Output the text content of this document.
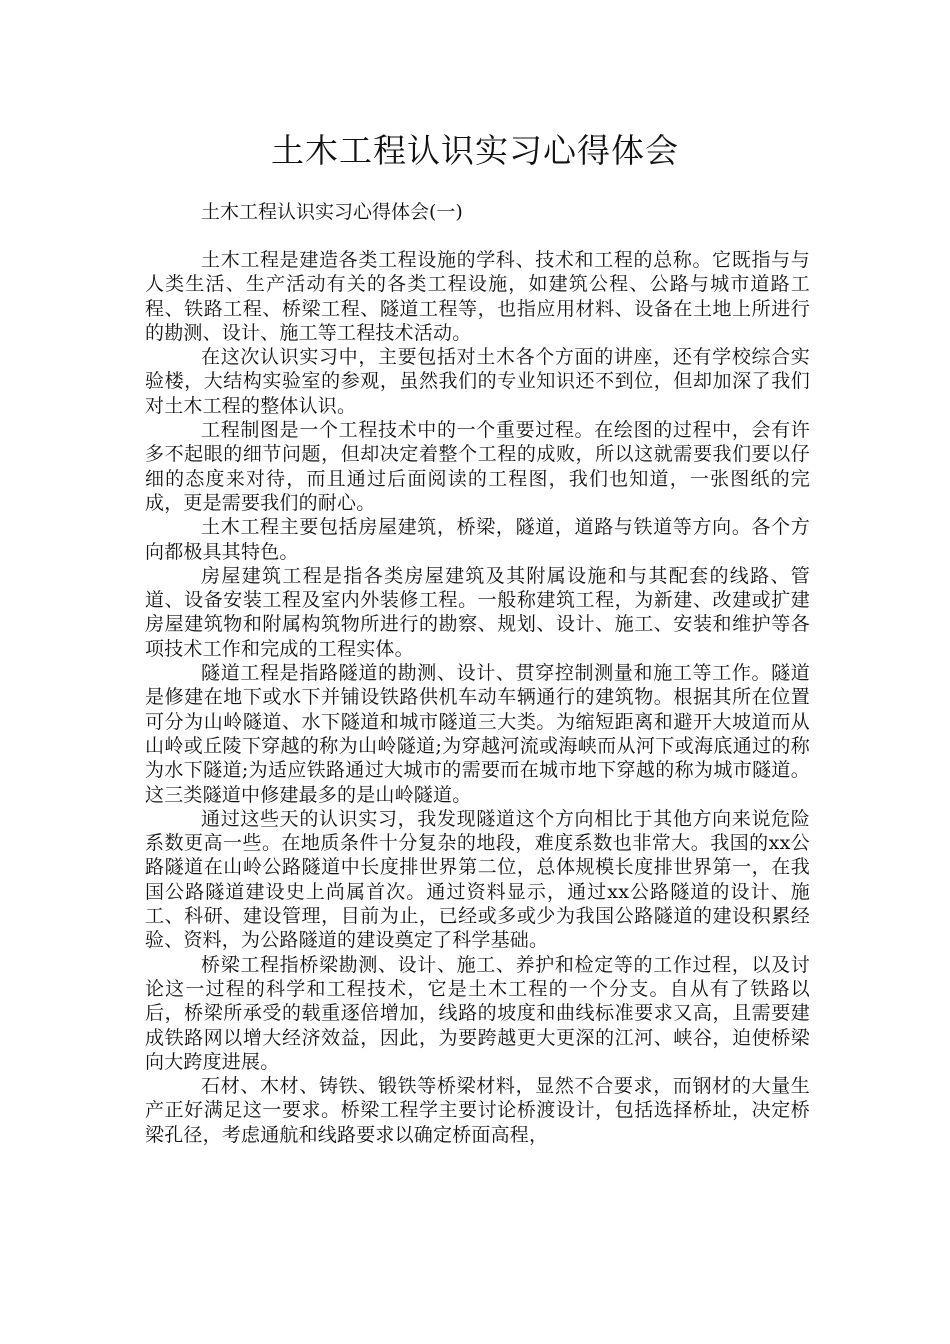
土木工程认识实习心得体会

土木工程认识实习心得体会(一)

土木工程是建造各类工程设施的学科、技术和工程的总称。它既指与与人类生活、生产活动有关的各类工程设施，如建筑公程、公路与城市道路工程、铁路工程、桥梁工程、隧道工程等，也指应用材料、设备在土地上所进行的勘测、设计、施工等工程技术活动。

在这次认识实习中，主要包括对土木各个方面的讲座，还有学校综合实验楼，大结构实验室的参观，虽然我们的专业知识还不到位，但却加深了我们对土木工程的整体认识。

工程制图是一个工程技术中的一个重要过程。在绘图的过程中，会有许多不起眼的细节问题，但却决定着整个工程的成败，所以这就需要我们要以仔细的态度来对待，而且通过后面阅读的工程图，我们也知道，一张图纸的完成，更是需要我们的耐心。

土木工程主要包括房屋建筑，桥梁，隧道，道路与铁道等方向。各个方向都极具其特色。

房屋建筑工程是指各类房屋建筑及其附属设施和与其配套的线路、管道、设备安装工程及室内外装修工程。一般称建筑工程，为新建、改建或扩建房屋建筑物和附属构筑物所进行的勘察、规划、设计、施工、安装和维护等各项技术工作和完成的工程实体。

隧道工程是指路隧道的勘测、设计、贯穿控制测量和施工等工作。隧道是修建在地下或水下并铺设铁路供机车动车辆通行的建筑物。根据其所在位置可分为山岭隧道、水下隧道和城市隧道三大类。为缩短距离和避开大坡道而从山岭或丘陵下穿越的称为山岭隧道;为穿越河流或海峡而从河下或海底通过的称为水下隧道;为适应铁路通过大城市的需要而在城市地下穿越的称为城市隧道。这三类隧道中修建最多的是山岭隧道。

通过这些天的认识实习，我发现隧道这个方向相比于其他方向来说危险系数更高一些。在地质条件十分复杂的地段，难度系数也非常大。我国的xx公路隧道在山岭公路隧道中长度排世界第二位，总体规模长度排世界第一，在我国公路隧道建设史上尚属首次。通过资料显示，通过xx公路隧道的设计、施工、科研、建设管理，目前为止，已经或多或少为我国公路隧道的建设积累经验、资料，为公路隧道的建设奠定了科学基础。

桥梁工程指桥梁勘测、设计、施工、养护和检定等的工作过程，以及讨论这一过程的科学和工程技术，它是土木工程的一个分支。自从有了铁路以后，桥梁所承受的载重逐倍增加，线路的坡度和曲线标准要求又高，且需要建成铁路网以增大经济效益，因此，为要跨越更大更深的江河、峡谷，迫使桥梁向大跨度进展。

石材、木材、铸铁、锻铁等桥梁材料，显然不合要求，而钢材的大量生产正好满足这一要求。桥梁工程学主要讨论桥渡设计，包括选择桥址，决定桥梁孔径，考虑通航和线路要求以确定桥面高程，
